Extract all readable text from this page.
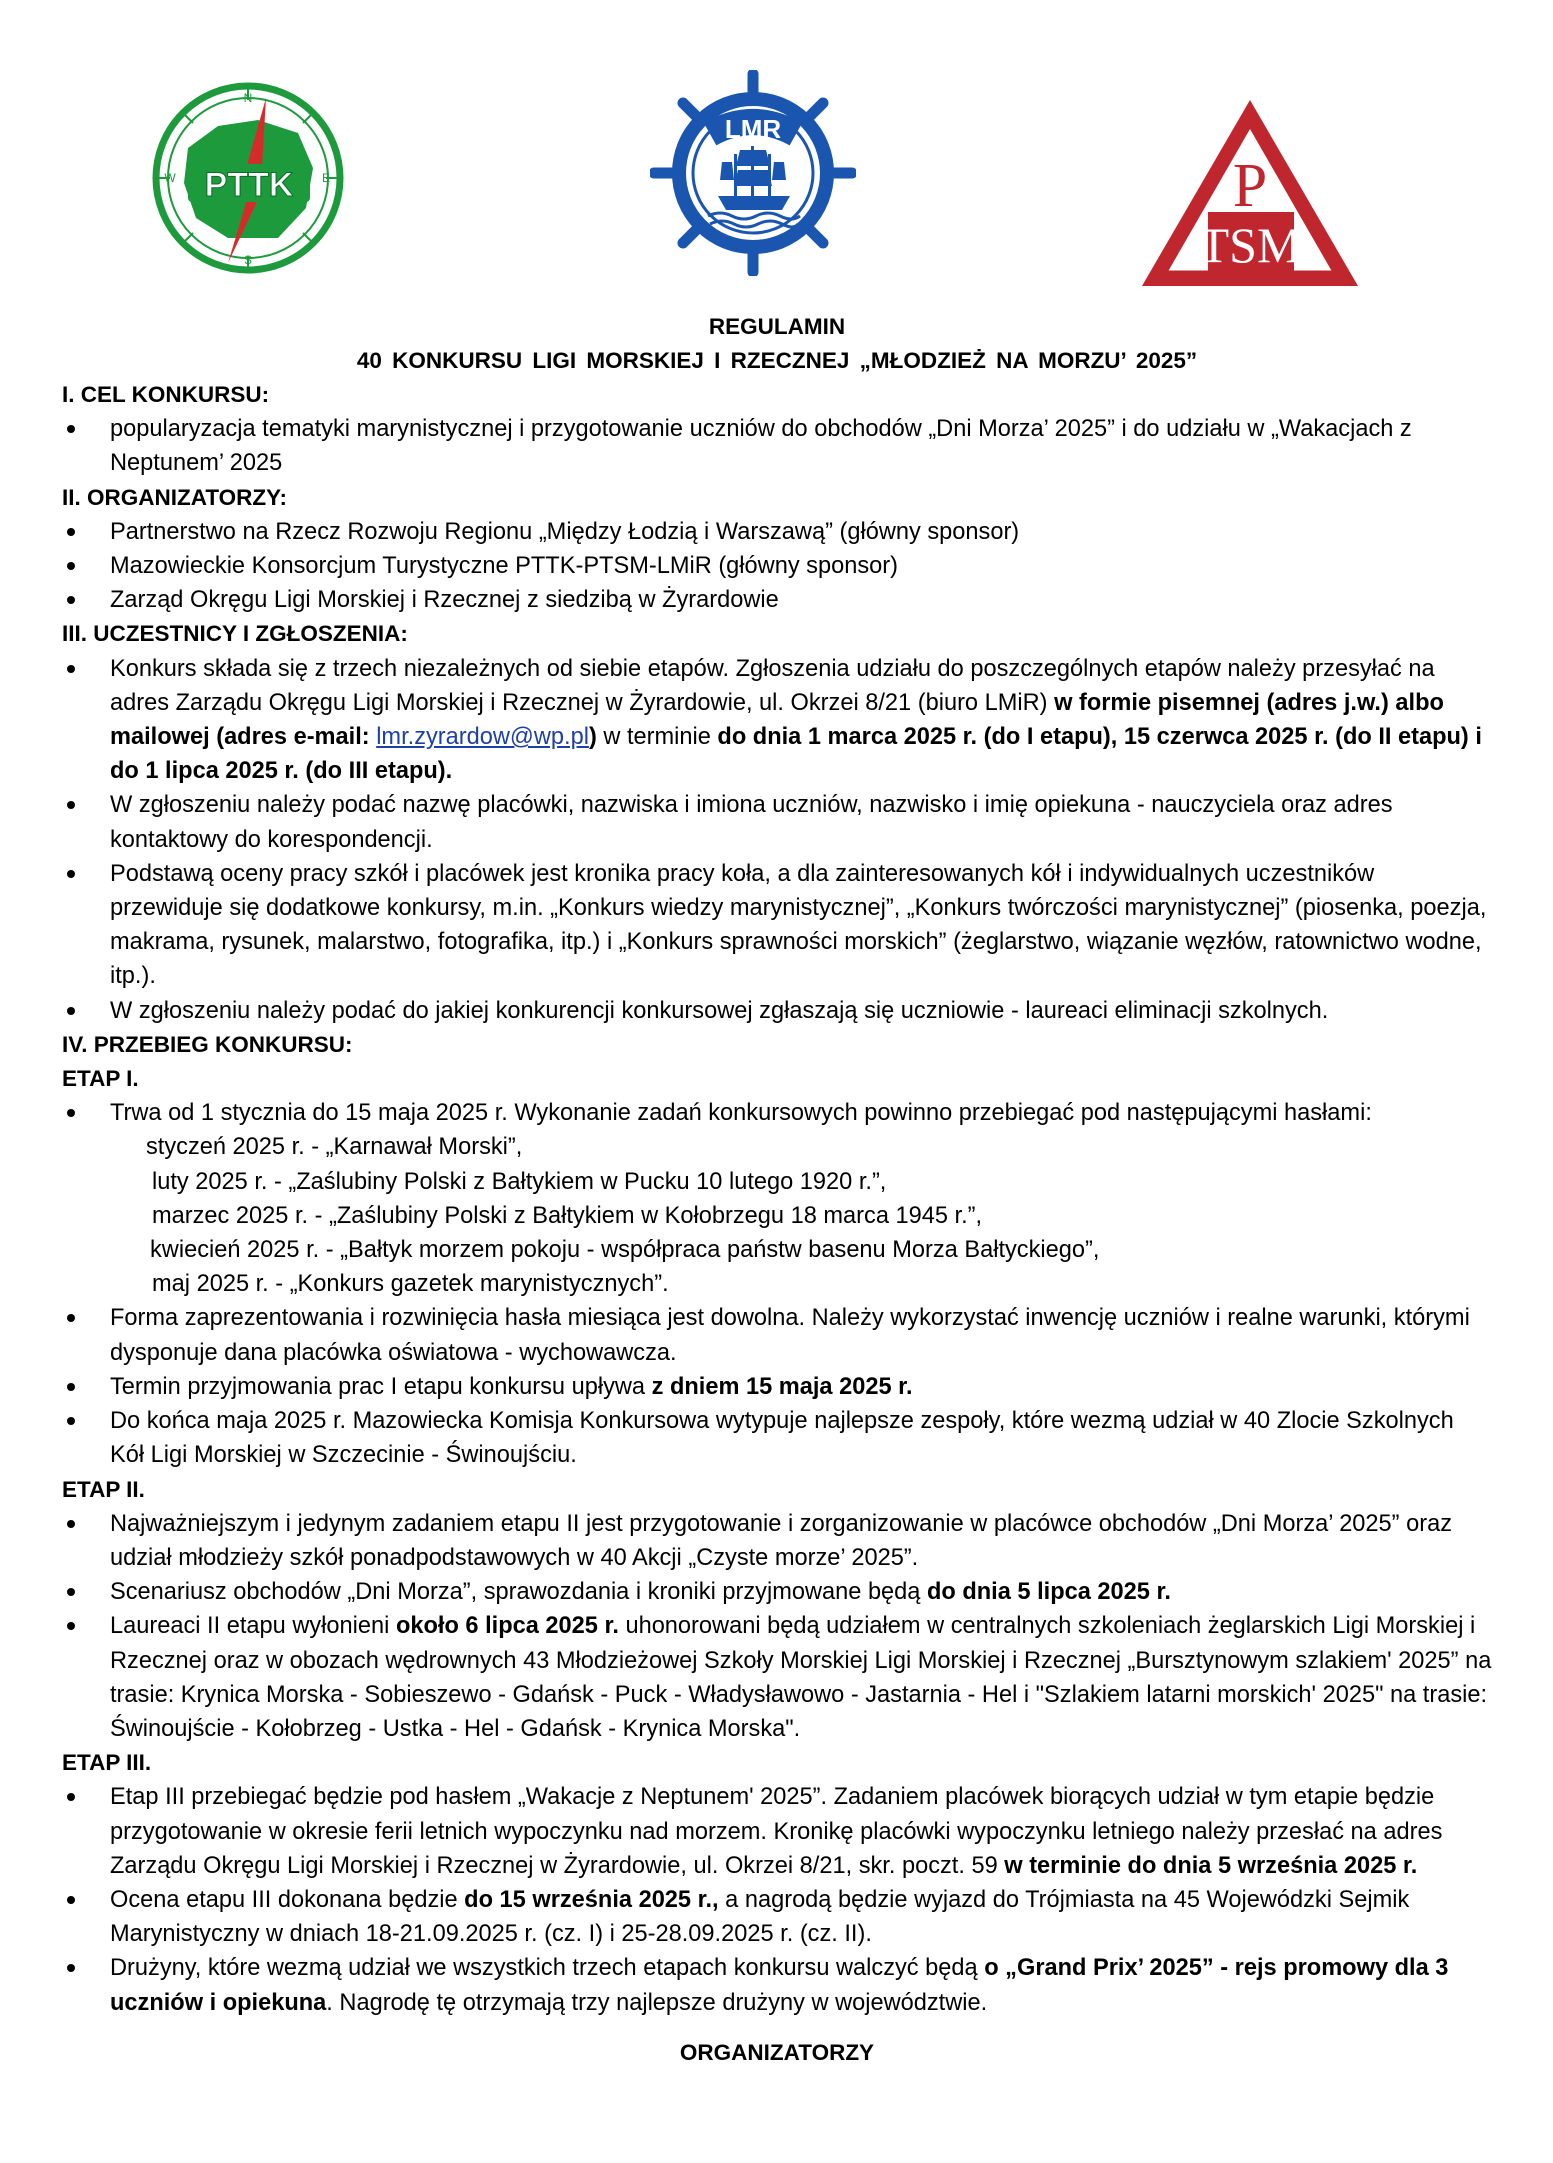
PTTK
N
S
W	E
LMR
P
TSM
REGULAMIN
40 KONKURSU LIGI MORSKIEJ I RZECZNEJ „MŁODZIEŻ NA MORZU’ 2025”
I. CEL KONKURSU:
popularyzacja tematyki marynistycznej i przygotowanie uczniów do obchodów „Dni Morza’ 2025” i do udziału w „Wakacjach z Neptunem’ 2025
II. ORGANIZATORZY:
Partnerstwo na Rzecz Rozwoju Regionu „Między Łodzią i Warszawą” (główny sponsor)
Mazowieckie Konsorcjum Turystyczne PTTK-PTSM-LMiR (główny sponsor)
Zarząd Okręgu Ligi Morskiej i Rzecznej z siedzibą w Żyrardowie
III. UCZESTNICY I ZGŁOSZENIA:
Konkurs składa się z trzech niezależnych od siebie etapów. Zgłoszenia udziału do poszczególnych etapów należy przesyłać na adres Zarządu Okręgu Ligi Morskiej i Rzecznej w Żyrardowie, ul. Okrzei 8/21 (biuro LMiR) w formie pisemnej (adres j.w.) albo mailowej (adres e-mail: lmr.zyrardow@wp.pl) w terminie do dnia 1 marca 2025 r. (do I etapu), 15 czerwca 2025 r. (do II etapu) i do 1 lipca 2025 r. (do III etapu).
W zgłoszeniu należy podać nazwę placówki, nazwiska i imiona uczniów, nazwisko i imię opiekuna - nauczyciela oraz adres kontaktowy do korespondencji.
Podstawą oceny pracy szkół i placówek jest kronika pracy koła, a dla zainteresowanych kół i indywidualnych uczestników przewiduje się dodatkowe konkursy, m.in. „Konkurs wiedzy marynistycznej”, „Konkurs twórczości marynistycznej” (piosenka, poezja, makrama, rysunek, malarstwo, fotografika, itp.) i „Konkurs sprawności morskich” (żeglarstwo, wiązanie węzłów, ratownictwo wodne, itp.).
W zgłoszeniu należy podać do jakiej konkurencji konkursowej zgłaszają się uczniowie - laureaci eliminacji szkolnych.
IV. PRZEBIEG KONKURSU:
ETAP I.
Trwa od 1 stycznia do 15 maja 2025 r. Wykonanie zadań konkursowych powinno przebiegać pod następującymi hasłami:
styczeń 2025 r. - „Karnawał Morski”,
luty 2025 r. - „Zaślubiny Polski z Bałtykiem w Pucku 10 lutego 1920 r.”,
marzec 2025 r. - „Zaślubiny Polski z Bałtykiem w Kołobrzegu 18 marca 1945 r.”,
kwiecień 2025 r. - „Bałtyk morzem pokoju - współpraca państw basenu Morza Bałtyckiego”,
maj 2025 r. - „Konkurs gazetek marynistycznych”.
Forma zaprezentowania i rozwinięcia hasła miesiąca jest dowolna. Należy wykorzystać inwencję uczniów i realne warunki, którymi dysponuje dana placówka oświatowa - wychowawcza.
Termin przyjmowania prac I etapu konkursu upływa z dniem 15 maja 2025 r.
Do końca maja 2025 r. Mazowiecka Komisja Konkursowa wytypuje najlepsze zespoły, które wezmą udział w 40 Zlocie Szkolnych Kół Ligi Morskiej w Szczecinie - Świnoujściu.
ETAP II.
Najważniejszym i jedynym zadaniem etapu II jest przygotowanie i zorganizowanie w placówce obchodów „Dni Morza’ 2025” oraz udział młodzieży szkół ponadpodstawowych w 40 Akcji „Czyste morze’ 2025”.
Scenariusz obchodów „Dni Morza”, sprawozdania i kroniki przyjmowane będą do dnia 5 lipca 2025 r.
Laureaci II etapu wyłonieni około 6 lipca 2025 r. uhonorowani będą udziałem w centralnych szkoleniach żeglarskich Ligi Morskiej i Rzecznej oraz w obozach wędrownych 43 Młodzieżowej Szkoły Morskiej Ligi Morskiej i Rzecznej „Bursztynowym szlakiem' 2025” na trasie: Krynica Morska - Sobieszewo - Gdańsk - Puck - Władysławowo - Jastarnia - Hel i "Szlakiem latarni morskich' 2025" na trasie: Świnoujście - Kołobrzeg - Ustka - Hel - Gdańsk - Krynica Morska".
ETAP III.
Etap III przebiegać będzie pod hasłem „Wakacje z Neptunem' 2025”. Zadaniem placówek biorących udział w tym etapie będzie przygotowanie w okresie ferii letnich wypoczynku nad morzem. Kronikę placówki wypoczynku letniego należy przesłać na adres Zarządu Okręgu Ligi Morskiej i Rzecznej w Żyrardowie, ul. Okrzei 8/21, skr. poczt. 59 w terminie do dnia 5 września 2025 r.
Ocena etapu III dokonana będzie do 15 września 2025 r., a nagrodą będzie wyjazd do Trójmiasta na 45 Wojewódzki Sejmik Marynistyczny w dniach 18-21.09.2025 r. (cz. I) i 25-28.09.2025 r. (cz. II).
Drużyny, które wezmą udział we wszystkich trzech etapach konkursu walczyć będą o „Grand Prix’ 2025” - rejs promowy dla 3 uczniów i opiekuna. Nagrodę tę otrzymają trzy najlepsze drużyny w województwie.
ORGANIZATORZY
